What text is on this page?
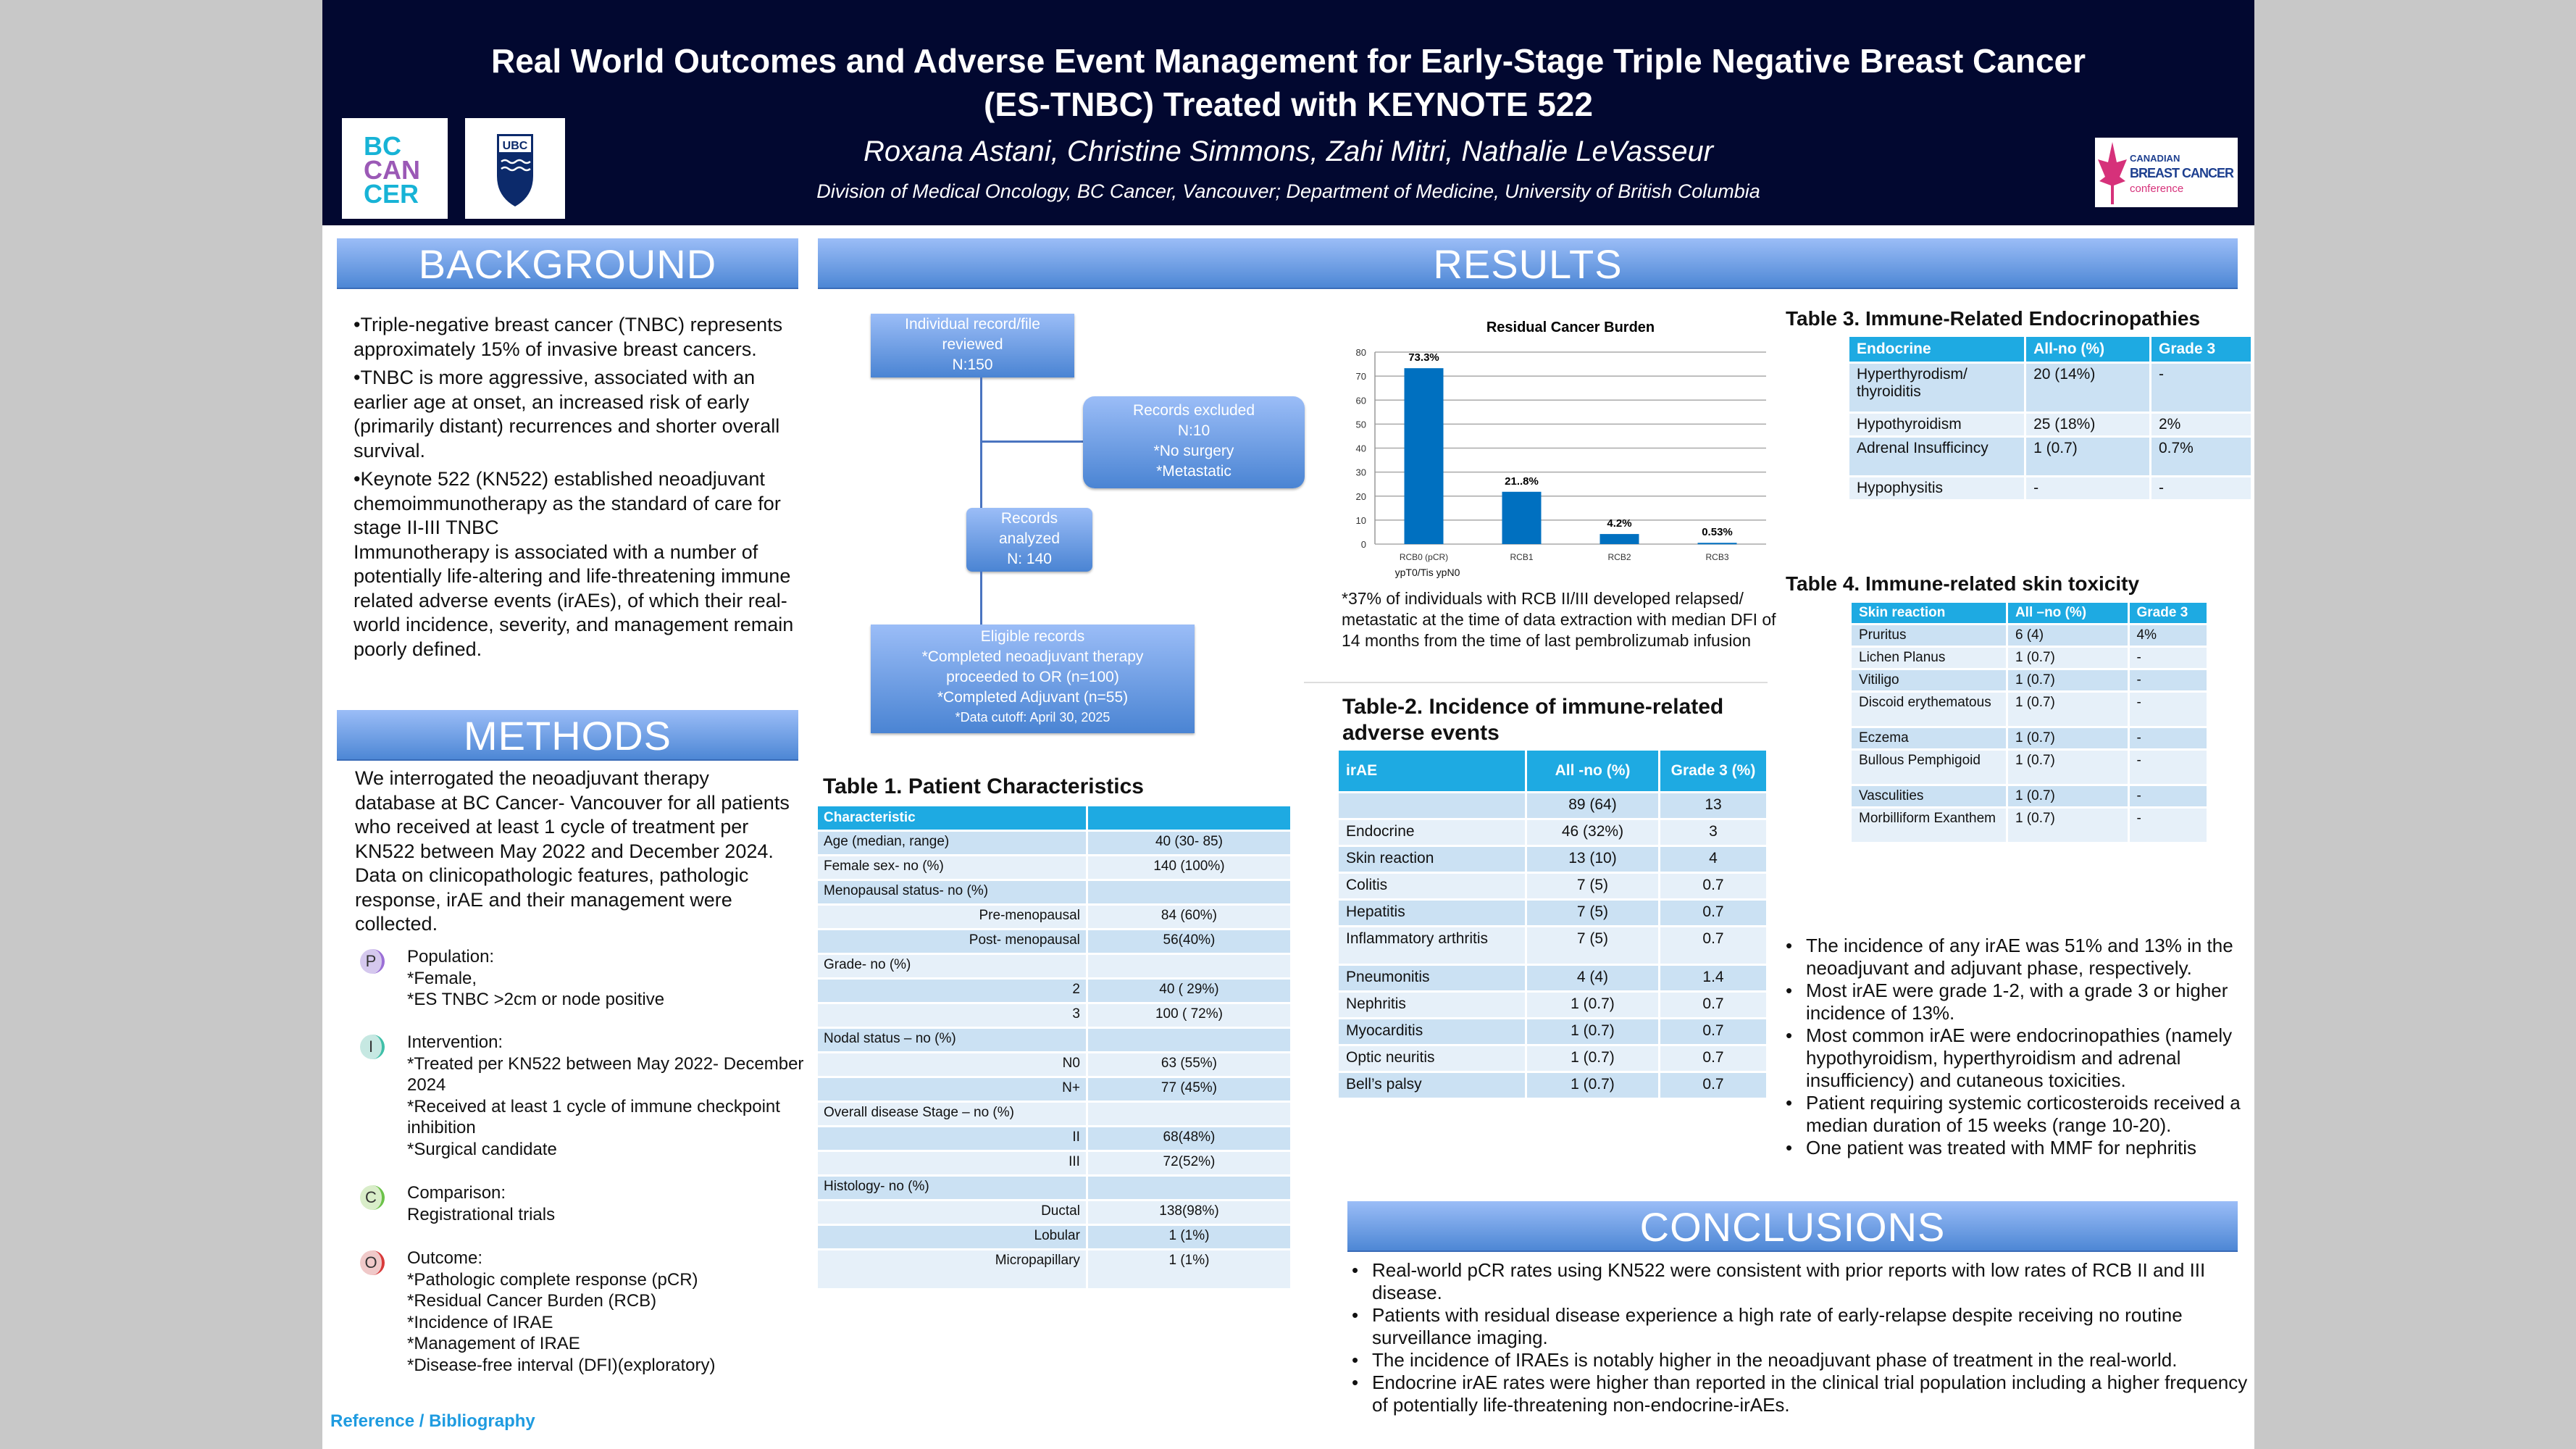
Real World Outcomes and Adverse Event Management for Early-Stage Triple Negative Breast Cancer
(ES-TNBC) Treated with KEYNOTE 522
Roxana Astani, Christine Simmons, Zahi Mitri, Nathalie LeVasseur
Division of Medical Oncology, BC Cancer, Vancouver; Department of Medicine, University of British Columbia
BC
CAN
CER
UBC
CANADIAN
BREAST CANCER
conference
BACKGROUND

•Triple-negative breast cancer (TNBC) represents approximately 15% of invasive breast cancers.

•TNBC is more aggressive, associated with an earlier age at onset, an increased risk of early (primarily distant) recurrences and shorter overall survival.

•Keynote 522 (KN522) established neoadjuvant chemoimmunotherapy as the standard of care for stage II-III TNBC

Immunotherapy is associated with a number of potentially life-altering and life-threatening immune related adverse events (irAEs), of which their real-world incidence, severity, and management remain poorly defined.

METHODS
We interrogated the neoadjuvant therapy database at BC Cancer- Vancouver for all patients who received at least 1 cycle of treatment per KN522 between May 2022 and December 2024. Data on clinicopathologic features, pathologic response, irAE and their management were collected.
P	Population:
*Female,
*ES TNBC >2cm or node positive
I	Intervention:
*Treated per KN522 between May 2022- December 2024
*Received at least 1 cycle of immune checkpoint inhibition
*Surgical candidate
C	Comparison:
Registrational trials
O	Outcome:
*Pathologic complete response (pCR)
*Residual Cancer Burden (RCB)
*Incidence of IRAE
*Management of IRAE
*Disease-free interval (DFI)(exploratory)
Reference / Bibliography
RESULTS
Individual record/file
reviewed
N:150
Records excluded
N:10
*No surgery
*Metastatic
Records
analyzed
N: 140
Eligible records
*Completed neoadjuvant therapy
proceeded to OR (n=100)
*Completed Adjuvant (n=55)
*Data cutoff: April 30, 2025
Residual Cancer Burden
0
10
20
30
40
50
60
70
80	73.3%
RCB0 (pCR)
21..8%
RCB1
4.2%
RCB2
0.53%
RCB3
ypT0/Tis ypN0
*37% of individuals with RCB II/III developed relapsed/ metastatic at the time of data extraction with median DFI of 14 months from the time of last pembrolizumab infusion
Table 1. Patient Characteristics
Characteristic	
Age (median, range)	40 (30- 85)
Female sex- no (%)	140 (100%)
Menopausal status- no (%)	
Pre-menopausal	84 (60%)
Post- menopausal	56(40%)
Grade- no (%)	
2	40 ( 29%)
3	100 ( 72%)
Nodal status – no (%)	
N0	63 (55%)
N+	77 (45%)
Overall disease Stage – no (%)	
II	68(48%)
III	72(52%)
Histology- no (%)	
Ductal	138(98%)
Lobular	1 (1%)
Micropapillary	1 (1%)
Table-2. Incidence of immune-related adverse events
irAE	All -no (%)	Grade 3 (%)
	89 (64)	13
Endocrine	46 (32%)	3
Skin reaction	13 (10)	4
Colitis	7 (5)	0.7
Hepatitis	7 (5)	0.7
Inflammatory arthritis	7 (5)	0.7
Pneumonitis	4 (4)	1.4
Nephritis	1 (0.7)	0.7
Myocarditis	1 (0.7)	0.7
Optic neuritis	1 (0.7)	0.7
Bell’s palsy	1 (0.7)	0.7
Table 3. Immune-Related Endocrinopathies
Endocrine	All-no (%)	Grade 3
Hyperthyrodism/ thyroiditis	20 (14%)	-
Hypothyroidism	25 (18%)	2%
Adrenal Insufficincy	1 (0.7)	0.7%
Hypophysitis	-	-
Table 4. Immune-related skin toxicity
Skin reaction	All –no (%)	Grade 3
Pruritus	6 (4)	4%
Lichen Planus	1 (0.7)	-
Vitiligo	1 (0.7)	-
Discoid erythematous	1 (0.7)	-
Eczema	1 (0.7)	-
Bullous Pemphigoid	1 (0.7)	-
Vasculities	1 (0.7)	-
Morbilliform Exanthem	1 (0.7)	-
• The incidence of any irAE was 51% and 13% in the neoadjuvant and adjuvant phase, respectively.
• Most irAE were grade 1-2, with a grade 3 or higher incidence of 13%.
• Most common irAE were endocrinopathies (namely hypothyroidism, hyperthyroidism and adrenal insufficiency) and cutaneous toxicities.
• Patient requiring systemic corticosteroids received a median duration of 15 weeks (range 10-20).
• One patient was treated with MMF for nephritis
CONCLUSIONS
• Real-world pCR rates using KN522 were consistent with prior reports with low rates of RCB II and III disease.
• Patients with residual disease experience a high rate of early-relapse despite receiving no routine surveillance imaging.
• The incidence of IRAEs is notably higher in the neoadjuvant phase of treatment in the real-world.
• Endocrine irAE rates were higher than reported in the clinical trial population including a higher frequency of potentially life-threatening non-endocrine-irAEs.
